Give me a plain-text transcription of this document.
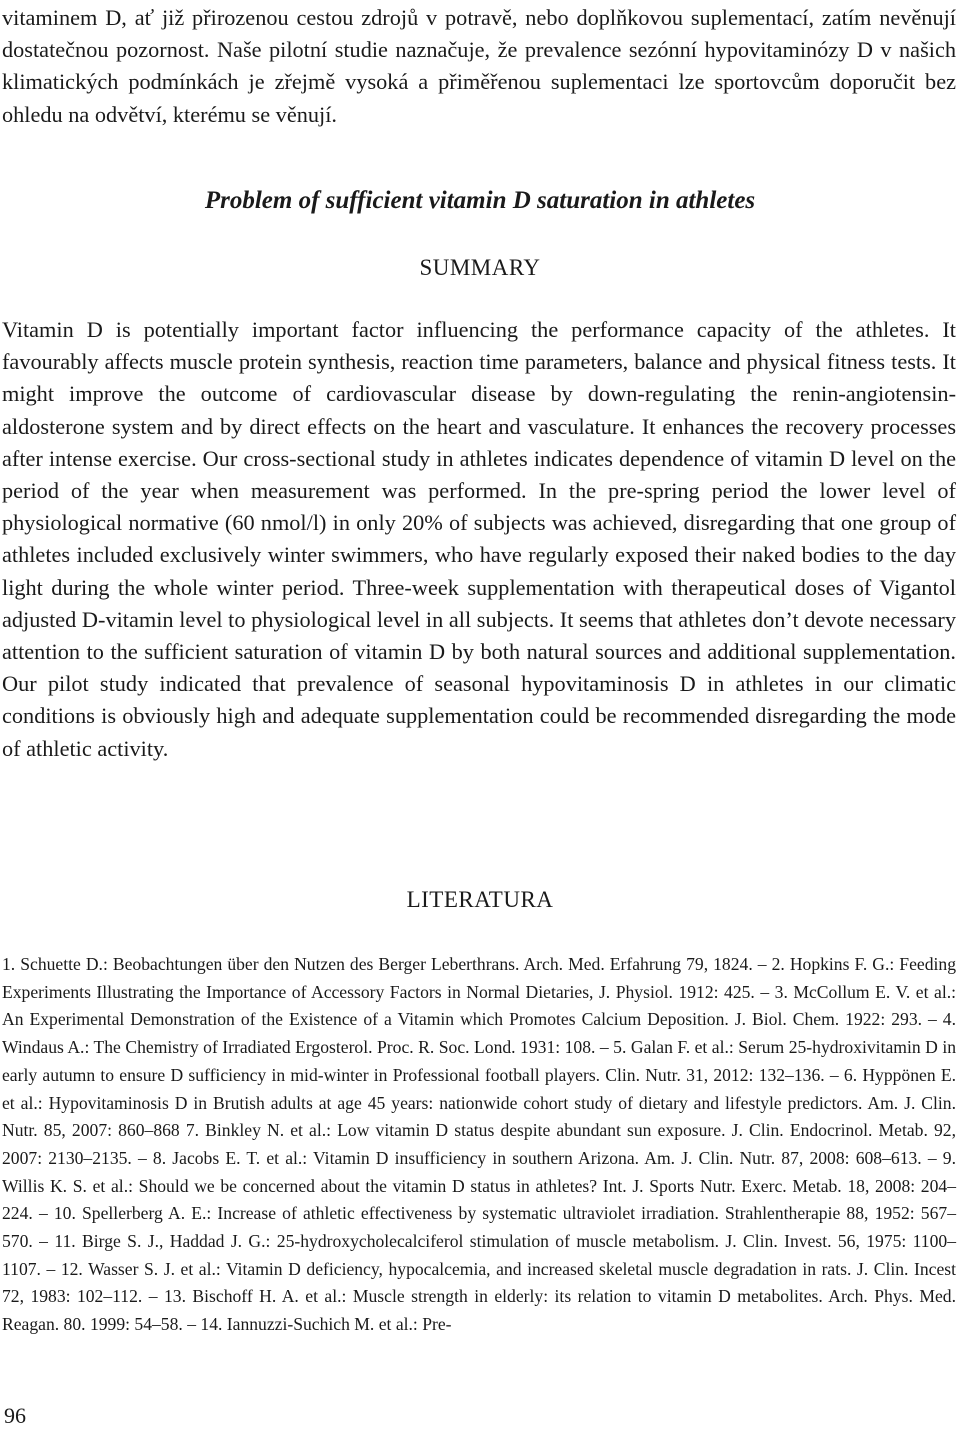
vitaminem D, ať již přirozenou cestou zdrojů v potravě, nebo doplňkovou suplementací, zatím nevěnují dostatečnou pozornost. Naše pilotní studie naznačuje, že prevalence sezónní hypovitaminózy D v našich klimatických podmínkách je zřejmě vysoká a přiměřenou suplementaci lze sportovcům doporučit bez ohledu na odvětví, kterému se věnují.

Problem of sufficient vitamin D saturation in athletes
SUMMARY

Vitamin D is potentially important factor influencing the performance capacity of the athletes. It favourably affects muscle protein synthesis, reaction time parameters, balance and physical fitness tests. It might improve the outcome of cardiovascular disease by down-regulating the renin-angiotensin-aldosterone system and by direct effects on the heart and vasculature. It enhances the recovery processes after intense exercise. Our cross-sectional study in athletes indicates dependence of vitamin D level on the period of the year when measurement was performed. In the pre-spring period the lower level of physiological normative (60 nmol/l) in only 20% of subjects was achieved, disregarding that one group of athletes included exclusively winter swimmers, who have regularly exposed their naked bodies to the day light during the whole winter period. Three-week supplementation with therapeutical doses of Vigantol adjusted D-vitamin level to physiological level in all subjects. It seems that athletes don’t devote necessary attention to the sufficient saturation of vitamin D by both natural sources and additional supplementation. Our pilot study indicated that prevalence of seasonal hypovitaminosis D in athletes in our climatic conditions is obviously high and adequate supplementation could be recommended disregarding the mode of athletic activity.

LITERATURA

1. Schuette D.: Beobachtungen über den Nutzen des Berger Leberthrans. Arch. Med. Erfahrung 79, 1824. – 2. Hopkins F. G.: Feeding Experiments Illustrating the Importance of Accessory Factors in Normal Dietaries, J. Physiol. 1912: 425. – 3. McCollum E. V. et al.: An Experimental Demonstration of the Existence of a Vitamin which Promotes Calcium Deposition. J. Biol. Chem. 1922: 293. – 4. Windaus A.: The Chemistry of Irradiated Ergosterol. Proc. R. Soc. Lond. 1931: 108. – 5. Galan F. et al.: Serum 25-hydroxivitamin D in early autumn to ensure D sufficiency in mid-winter in Professional football players. Clin. Nutr. 31, 2012: 132–136. – 6. Hyppönen E. et al.: Hypovitaminosis D in Brutish adults at age 45 years: nationwide cohort study of dietary and lifestyle predictors. Am. J. Clin. Nutr. 85, 2007: 860–868 7. Binkley N. et al.: Low vitamin D status despite abundant sun exposure. J. Clin. Endocrinol. Metab. 92, 2007: 2130–2135. – 8. Jacobs E. T. et al.: Vitamin D insufficiency in southern Arizona. Am. J. Clin. Nutr. 87, 2008: 608–613. – 9. Willis K. S. et al.: Should we be concerned about the vitamin D status in athletes? Int. J. Sports Nutr. Exerc. Metab. 18, 2008: 204–224. – 10. Spellerberg A. E.: Increase of athletic effectiveness by systematic ultraviolet irradiation. Strahlentherapie 88, 1952: 567–570. – 11. Birge S. J., Haddad J. G.: 25-hydroxycholecalciferol stimulation of muscle metabolism. J. Clin. Invest. 56, 1975: 1100–1107. – 12. Wasser S. J. et al.: Vitamin D deficiency, hypocalcemia, and increased skeletal muscle degradation in rats. J. Clin. Incest 72, 1983: 102–112. – 13. Bischoff H. A. et al.: Muscle strength in elderly: its relation to vitamin D metabolites. Arch. Phys. Med. Reagan. 80. 1999: 54–58. – 14. Iannuzzi-Suchich M. et al.: Pre-

96
